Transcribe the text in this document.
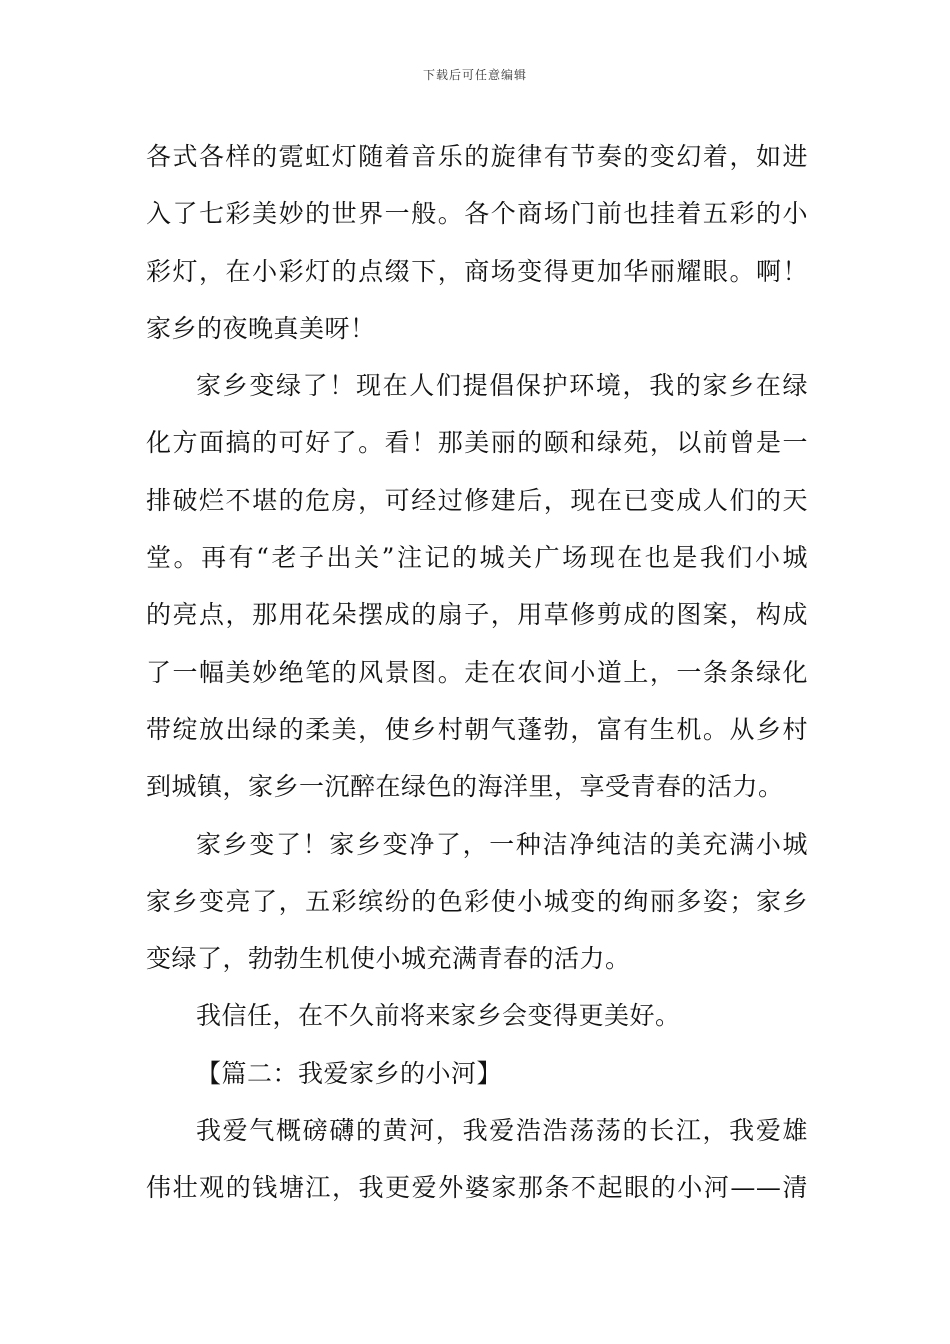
下载后可任意编辑
各式各样的霓虹灯随着音乐的旋律有节奏的变幻着，如进
入了七彩美妙的世界一般。各个商场门前也挂着五彩的小
彩灯，在小彩灯的点缀下，商场变得更加华丽耀眼。啊！
家乡的夜晚真美呀！
家乡变绿了！现在人们提倡保护环境，我的家乡在绿
化方面搞的可好了。看！那美丽的颐和绿苑，以前曾是一
排破烂不堪的危房，可经过修建后，现在已变成人们的天
堂。再有“老子出关”注记的城关广场现在也是我们小城
的亮点，那用花朵摆成的扇子，用草修剪成的图案，构成
了一幅美妙绝笔的风景图。走在农间小道上，一条条绿化
带绽放出绿的柔美，使乡村朝气蓬勃，富有生机。从乡村
到城镇，家乡一沉醉在绿色的海洋里，享受青春的活力。
家乡变了！家乡变净了，一种洁净纯洁的美充满小城
家乡变亮了，五彩缤纷的色彩使小城变的绚丽多姿；家乡
变绿了，勃勃生机使小城充满青春的活力。
我信任，在不久前将来家乡会变得更美好。
【篇二：我爱家乡的小河】
我爱气概磅礴的黄河，我爱浩浩荡荡的长江，我爱雄
伟壮观的钱塘江，我更爱外婆家那条不起眼的小河——清
